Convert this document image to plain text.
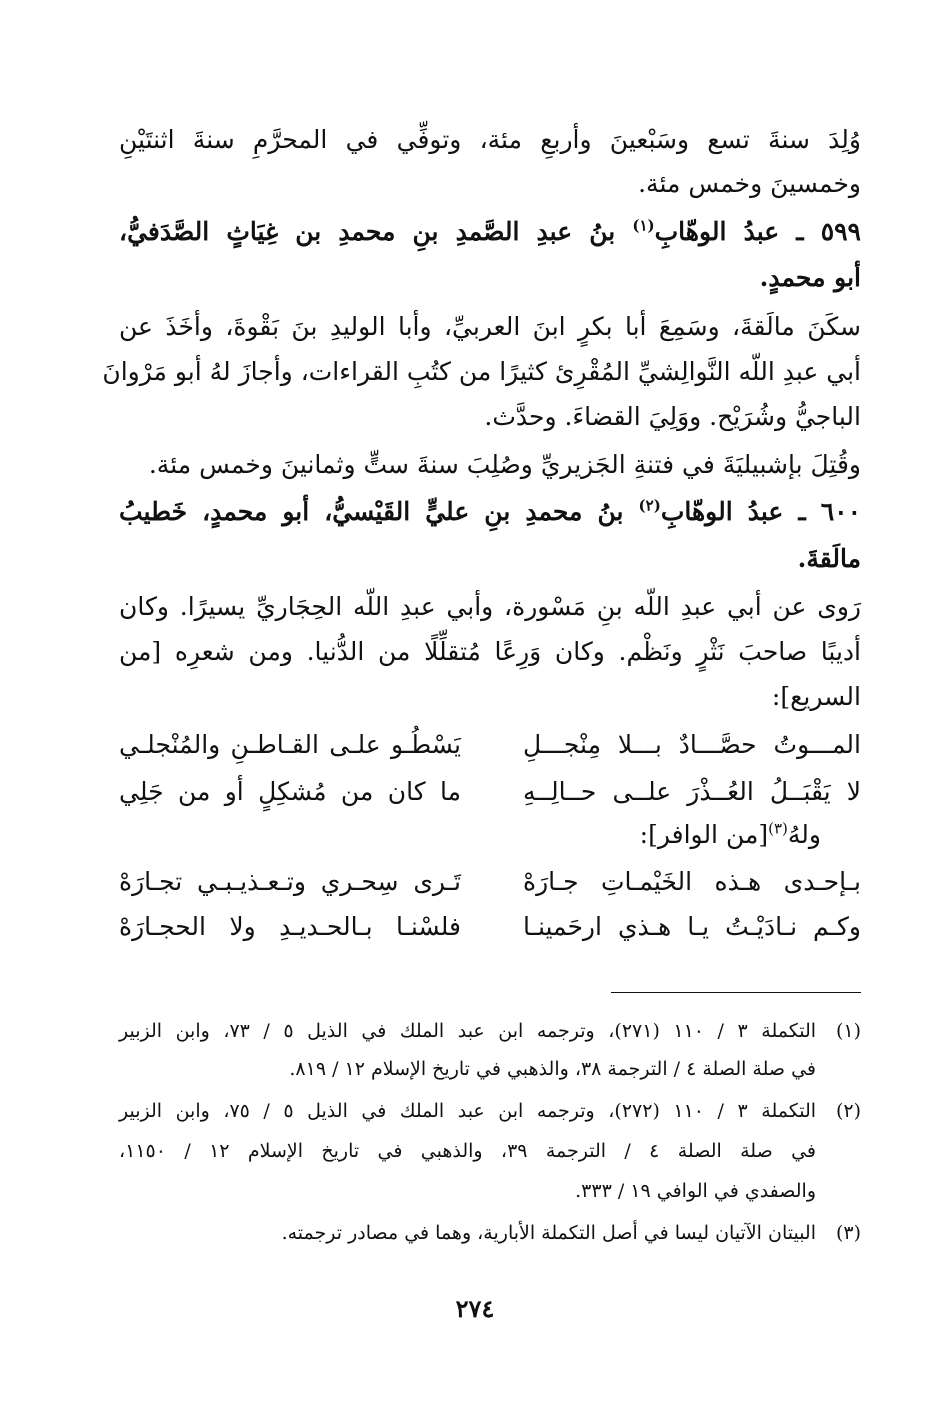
وُلِدَ سنةَ تسع وسَبْعينَ وأربعِ مئة، وتوفِّي في المحرَّمِ سنةَ اثنتَيْنِ
وخمسينَ وخمس مئة.
٥٩٩ ـ عبدُ الوهّابِ$^{(١)}$ بنُ عبدِ الصَّمدِ بنِ محمدِ بن غِيَاثٍ الصَّدَفيُّ،
أبو محمدٍ.
سكَنَ مالَقةَ، وسَمِعَ أبا بكرٍ ابنَ العربيِّ، وأبا الوليدِ بنَ بَقْوةَ، وأخَذَ عن
أبي عبدِ اللّه النَّوالِشيِّ المُقْرِئ كثيرًا من كتُبِ القراءات، وأجازَ لهُ أبو مَرْوانَ
الباجيُّ وشُرَيْح. ووَلِيَ القضاءَ. وحدَّث.
وقُتِلَ بإشبيليَةَ في فتنةِ الجَزيريِّ وصُلِبَ سنةَ ستٍّ وثمانينَ وخمس مئة.
٦٠٠ ـ عبدُ الوهّابِ$^{(٢)}$ بنُ محمدِ بنِ عليٍّ القَيْسيُّ، أبو محمدٍ، خَطيبُ
مالَقةَ.
رَوى عن أبي عبدِ اللّه بنِ مَسْورة، وأبي عبدِ اللّه الحِجَاريِّ يسيرًا. وكان
أديبًا صاحبَ نَثْرٍ ونَظْم. وكان وَرِعًا مُتقلِّلًا من الدُّنيا. ومن شعرِه [من
السريع]:
المـــوتُ حصَّـــادٌ بـــلا مِنْجـــلِ
يَسْطُـو علـى القـاطـنِ والمُنْجلـي
لا يَقْبَــلُ العُــذْرَ علــى حــالِــهِ
ما كان من مُشكِلٍ أو من جَلِي
ولهُ$^{(٣)}$[من الوافر]:
بـإحـدى هـذه الخَيْمـاتِ جـارَهْ
تَـرى سِحـري وتـعـذيـبـي تجـارَهْ
وكـم نـادَيْـتُ يـا هـذي ارحَمينـا
فلسْنـا بـالحـديـدِ ولا الحجـارَهْ
(١)
التكملة ٣ / ١١٠ (٢٧١)، وترجمه ابن عبد الملك في الذيل ٥ / ٧٣، وابن الزبير
في صلة الصلة ٤ / الترجمة ٣٨، والذهبي في تاريخ الإسلام ١٢ / ٨١٩.
(٢)
التكملة ٣ / ١١٠ (٢٧٢)، وترجمه ابن عبد الملك في الذيل ٥ / ٧٥، وابن الزبير
في صلة الصلة ٤ / الترجمة ٣٩، والذهبي في تاريخ الإسلام ١٢ / ١١٥٠،
والصفدي في الوافي ١٩ / ٣٣٣.
(٣)
البيتان الآتيان ليسا في أصل التكملة الأبارية، وهما في مصادر ترجمته.
٢٧٤
